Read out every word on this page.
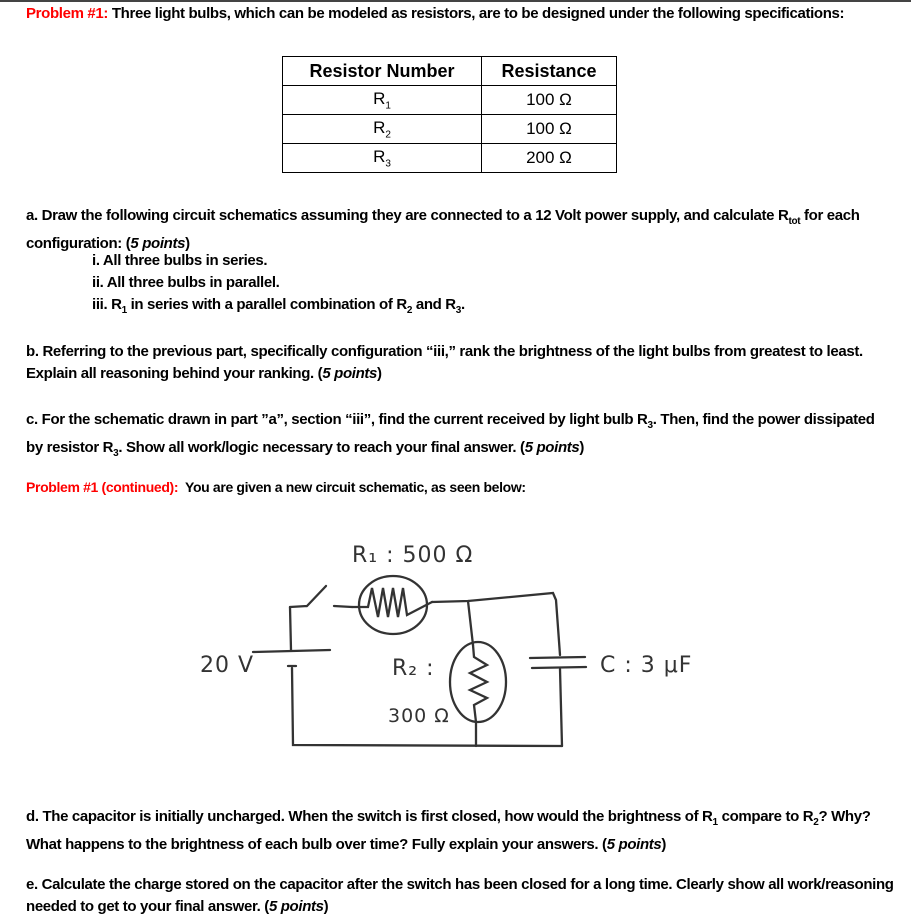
Problem #1: Three light bulbs, which can be modeled as resistors, are to be designed under the following specifications:

Resistor Number	Resistance
$R_1$	100 Ω
$R_2$	100 Ω
$R_3$	200 Ω

a. Draw the following circuit schematics assuming they are connected to a 12 Volt power supply, and calculate $R_{tot}$ for each configuration: (5 points)

i. All three bulbs in series.

ii. All three bulbs in parallel.

iii. $R_1$ in series with a parallel combination of $R_2$ and $R_3$.

b. Referring to the previous part, specifically configuration “iii,” rank the brightness of the light bulbs from greatest to least. Explain all reasoning behind your ranking. (5 points)

c. For the schematic drawn in part ”a”, section “iii”, find the current received by light bulb $R_3$. Then, find the power dissipated by resistor $R_3$. Show all work/logic necessary to reach your final answer. (5 points)

Problem #1 (continued): You are given a new circuit schematic, as seen below:

R₁ : 500 Ω
20 V	R₂ :
300 Ω
C : 3 μF

d. The capacitor is initially uncharged. When the switch is first closed, how would the brightness of $R_1$ compare to $R_2$? Why? What happens to the brightness of each bulb over time? Fully explain your answers. (5 points)

e. Calculate the charge stored on the capacitor after the switch has been closed for a long time. Clearly show all work/reasoning needed to get to your final answer. (5 points)
